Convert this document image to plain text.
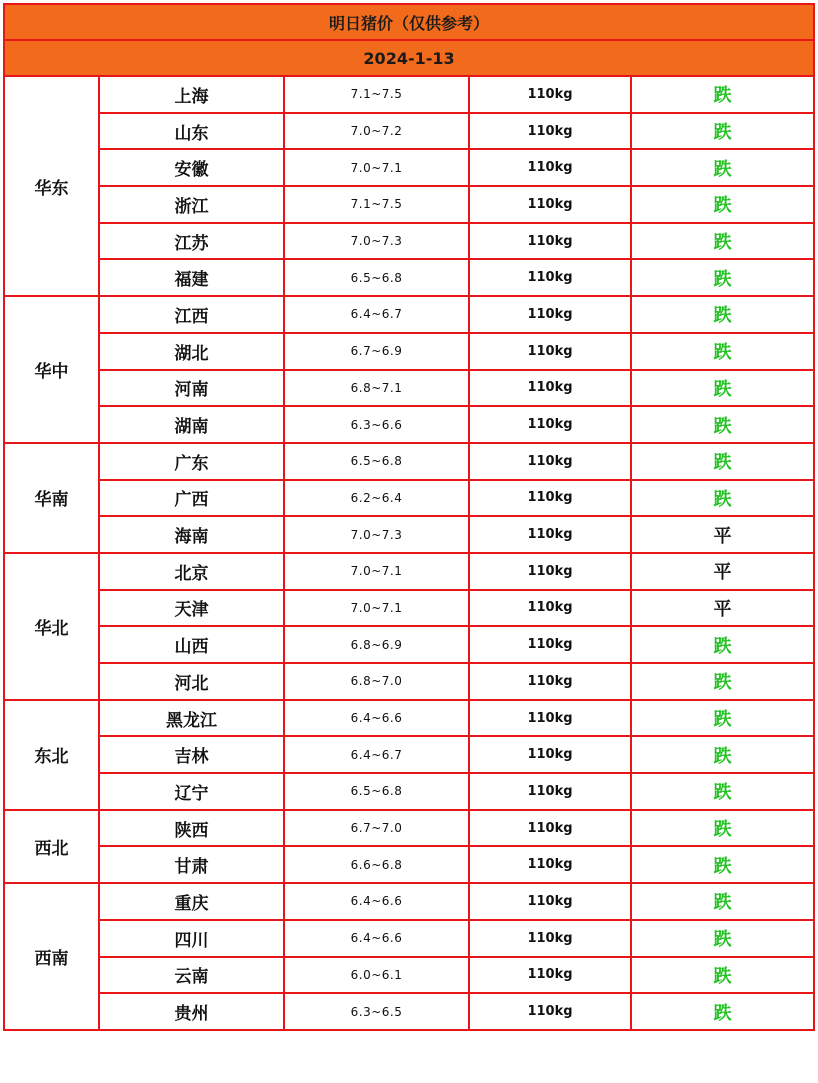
明日猪价（仅供参考）				
2024-1-13				
华东	上海	7.1~7.5	110kg	跌
	山东	7.0~7.2	110kg	跌
	安徽	7.0~7.1	110kg	跌
	浙江	7.1~7.5	110kg	跌
	江苏	7.0~7.3	110kg	跌
	福建	6.5~6.8	110kg	跌
华中	江西	6.4~6.7	110kg	跌
	湖北	6.7~6.9	110kg	跌
	河南	6.8~7.1	110kg	跌
	湖南	6.3~6.6	110kg	跌
华南	广东	6.5~6.8	110kg	跌
	广西	6.2~6.4	110kg	跌
	海南	7.0~7.3	110kg	平
华北	北京	7.0~7.1	110kg	平
	天津	7.0~7.1	110kg	平
	山西	6.8~6.9	110kg	跌
	河北	6.8~7.0	110kg	跌
东北	黑龙江	6.4~6.6	110kg	跌
	吉林	6.4~6.7	110kg	跌
	辽宁	6.5~6.8	110kg	跌
西北	陕西	6.7~7.0	110kg	跌
	甘肃	6.6~6.8	110kg	跌
西南	重庆	6.4~6.6	110kg	跌
	四川	6.4~6.6	110kg	跌
	云南	6.0~6.1	110kg	跌
	贵州	6.3~6.5	110kg	跌
